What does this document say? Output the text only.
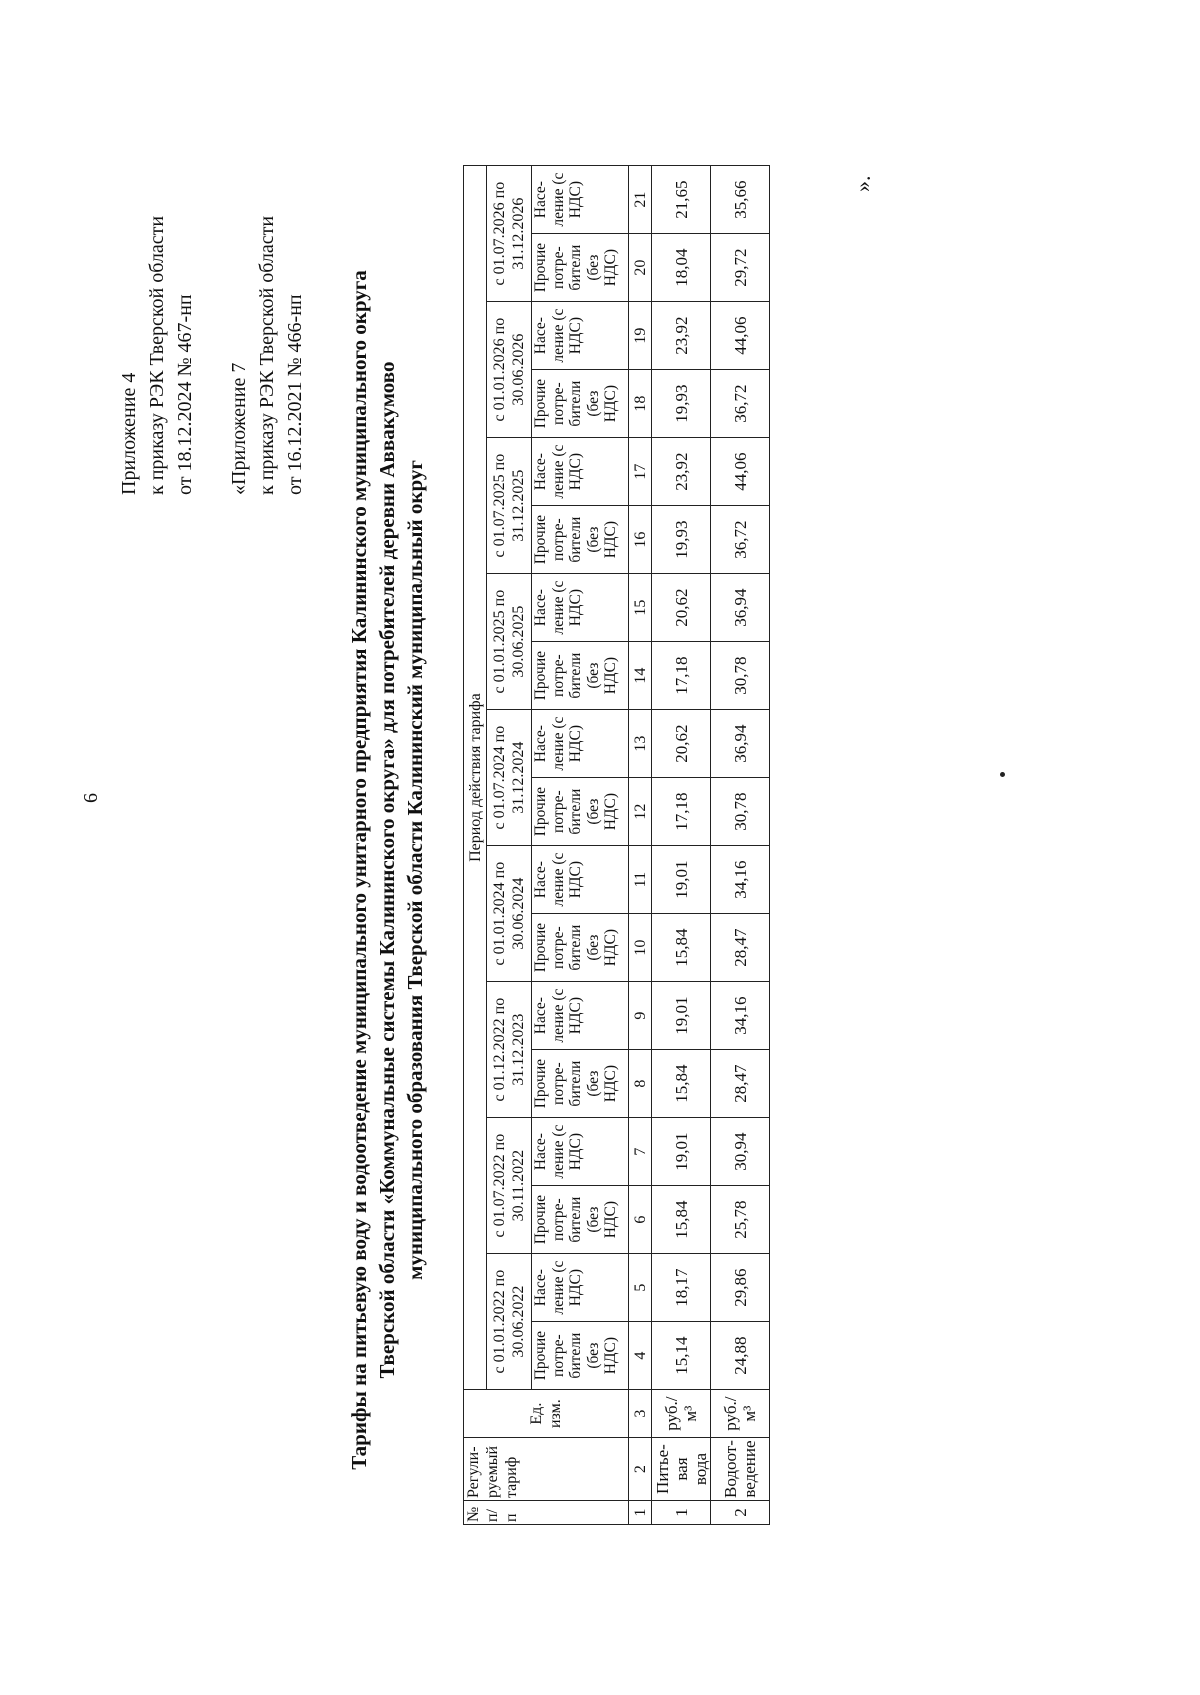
6
Приложение 4 к приказу РЭК Тверской области от 18.12.2024 № 467-нп «Приложение 7 к приказу РЭК Тверской области от 16.12.2021 № 466-нп Тарифы на питьевую воду и водоотведение муниципального унитарного предприятия Калининского муниципального округа Тверской области «Коммунальные системы Калининского округа» для потребителей деревни Аввакумово муниципального образования Тверской области Калининский муниципальный округ
№ п/п	Регули-руемый тариф	Ед. изм.	Период действия тарифа																	
			с 01.01.2022 по 30.06.2022		с 01.07.2022 по 30.11.2022		с 01.12.2022 по 31.12.2023		с 01.01.2024 по 30.06.2024		с 01.07.2024 по 31.12.2024		с 01.01.2025 по 30.06.2025		с 01.07.2025 по 31.12.2025		с 01.01.2026 по 30.06.2026		с 01.07.2026 по 31.12.2026	
			Прочие потре-бители (без НДС)	Насе-ление (с НДС)	Прочие потре-бители (без НДС)	Насе-ление (с НДС)	Прочие потре-бители (без НДС)	Насе-ление (с НДС)	Прочие потре-бители (без НДС)	Насе-ление (с НДС)	Прочие потре-бители (без НДС)	Насе-ление (с НДС)	Прочие потре-бители (без НДС)	Насе-ление (с НДС)	Прочие потре-бители (без НДС)	Насе-ление (с НДС)	Прочие потре-бители (без НДС)	Насе-ление (с НДС)	Прочие потре-бители (без НДС)	Насе-ление (с НДС)
1	2	3	4	5	6	7	8	9	10	11	12	13	14	15	16	17	18	19	20	21
1	Питье-вая вода	руб./м³	15,14	18,17	15,84	19,01	15,84	19,01	15,84	19,01	17,18	20,62	17,18	20,62	19,93	23,92	19,93	23,92	18,04	21,65
2	Водоот-ведение	руб./м³	24,88	29,86	25,78	30,94	28,47	34,16	28,47	34,16	30,78	36,94	30,78	36,94	36,72	44,06	36,72	44,06	29,72	35,66	».
